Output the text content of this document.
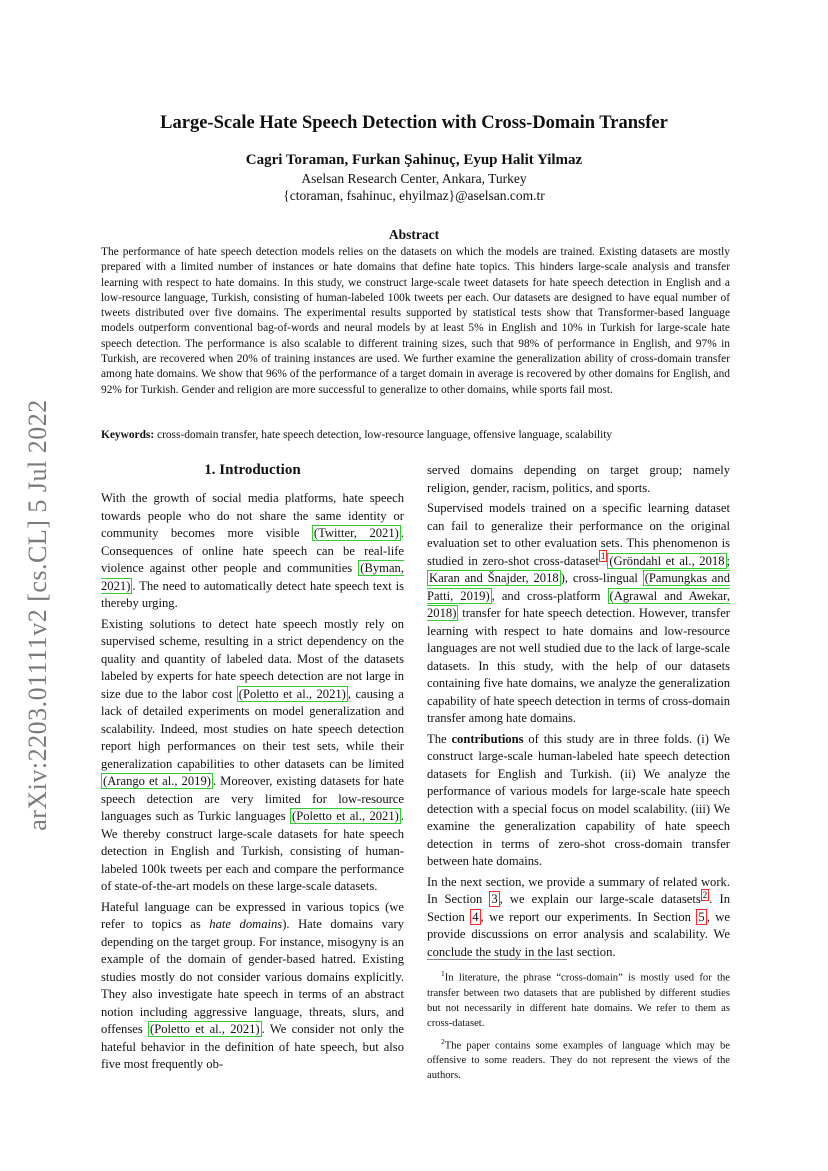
arXiv:2203.01111v2 [cs.CL] 5 Jul 2022
Large-Scale Hate Speech Detection with Cross-Domain Transfer
Cagri Toraman, Furkan Şahinuç, Eyup Halit Yilmaz
Aselsan Research Center, Ankara, Turkey
{ctoraman, fsahinuc, ehyilmaz}@aselsan.com.tr
Abstract

The performance of hate speech detection models relies on the datasets on which the models are trained. Existing datasets are mostly prepared with a limited number of instances or hate domains that define hate topics. This hinders large-scale analysis and transfer learning with respect to hate domains. In this study, we construct large-scale tweet datasets for hate speech detection in English and a low-resource language, Turkish, consisting of human-labeled 100k tweets per each. Our datasets are designed to have equal number of tweets distributed over five domains. The experimental results supported by statistical tests show that Transformer-based language models outperform conventional bag-of-words and neural models by at least 5% in English and 10% in Turkish for large-scale hate speech detection. The performance is also scalable to different training sizes, such that 98% of performance in English, and 97% in Turkish, are recovered when 20% of training instances are used. We further examine the generalization ability of cross-domain transfer among hate domains. We show that 96% of the performance of a target domain in average is recovered by other domains for English, and 92% for Turkish. Gender and religion are more successful to generalize to other domains, while sports fail most.

Keywords: cross-domain transfer, hate speech detection, low-resource language, offensive language, scalability
1. Introduction

With the growth of social media platforms, hate speech towards people who do not share the same identity or community becomes more visible (Twitter, 2021) . Consequences of online hate speech can be real-life violence against other people and communities (Byman, 2021) . The need to automatically detect hate speech text is thereby urging.

Existing solutions to detect hate speech mostly rely on supervised scheme, resulting in a strict dependency on the quality and quantity of labeled data. Most of the datasets labeled by experts for hate speech detection are not large in size due to the labor cost (Poletto et al., 2021) , causing a lack of detailed experiments on model generalization and scalability. Indeed, most studies on hate speech detection report high performances on their test sets, while their generalization capabilities to other datasets can be limited (Arango et al., 2019) . Moreover, existing datasets for hate speech detection are very limited for low-resource languages such as Turkic languages (Poletto et al., 2021) . We thereby construct large-scale datasets for hate speech detection in English and Turkish, consisting of human-labeled 100k tweets per each and compare the performance of state-of-the-art models on these large-scale datasets.

Hateful language can be expressed in various topics (we refer to topics as hate domains). Hate domains vary depending on the target group. For instance, misogyny is an example of the domain of gender-based hatred. Existing studies mostly do not consider various domains explicitly. They also investigate hate speech in terms of an abstract notion including aggressive language, threats, slurs, and offenses (Poletto et al., 2021) . We consider not only the hateful behavior in the definition of hate speech, but also five most frequently ob-

served domains depending on target group; namely religion, gender, racism, politics, and sports.

Supervised models trained on a specific learning dataset can fail to generalize their performance on the original evaluation set to other evaluation sets. This phenomenon is studied in zero-shot cross-dataset $^1$ (Gröndahl et al., 2018 ; Karan and Šnajder, 2018 ), cross-lingual (Pamungkas and Patti, 2019) , and cross-platform (Agrawal and Awekar, 2018) transfer for hate speech detection. However, transfer learning with respect to hate domains and low-resource languages are not well studied due to the lack of large-scale datasets. In this study, with the help of our datasets containing five hate domains, we analyze the generalization capability of hate speech detection in terms of cross-domain transfer among hate domains.

The contributions of this study are in three folds. (i) We construct large-scale human-labeled hate speech detection datasets for English and Turkish. (ii) We analyze the performance of various models for large-scale hate speech detection with a special focus on model scalability. (iii) We examine the generalization capability of hate speech detection in terms of zero-shot cross-domain transfer between hate domains.

In the next section, we provide a summary of related work. In Section 3 , we explain our large-scale datasets $^2$ . In Section 4 , we report our experiments. In Section 5 , we provide discussions on error analysis and scalability. We conclude the study in the last section.

$^1$In literature, the phrase “cross-domain” is mostly used for the transfer between two datasets that are published by different studies but not necessarily in different hate domains. We refer to them as cross-dataset.

$^2$The paper contains some examples of language which may be offensive to some readers. They do not represent the views of the authors.
